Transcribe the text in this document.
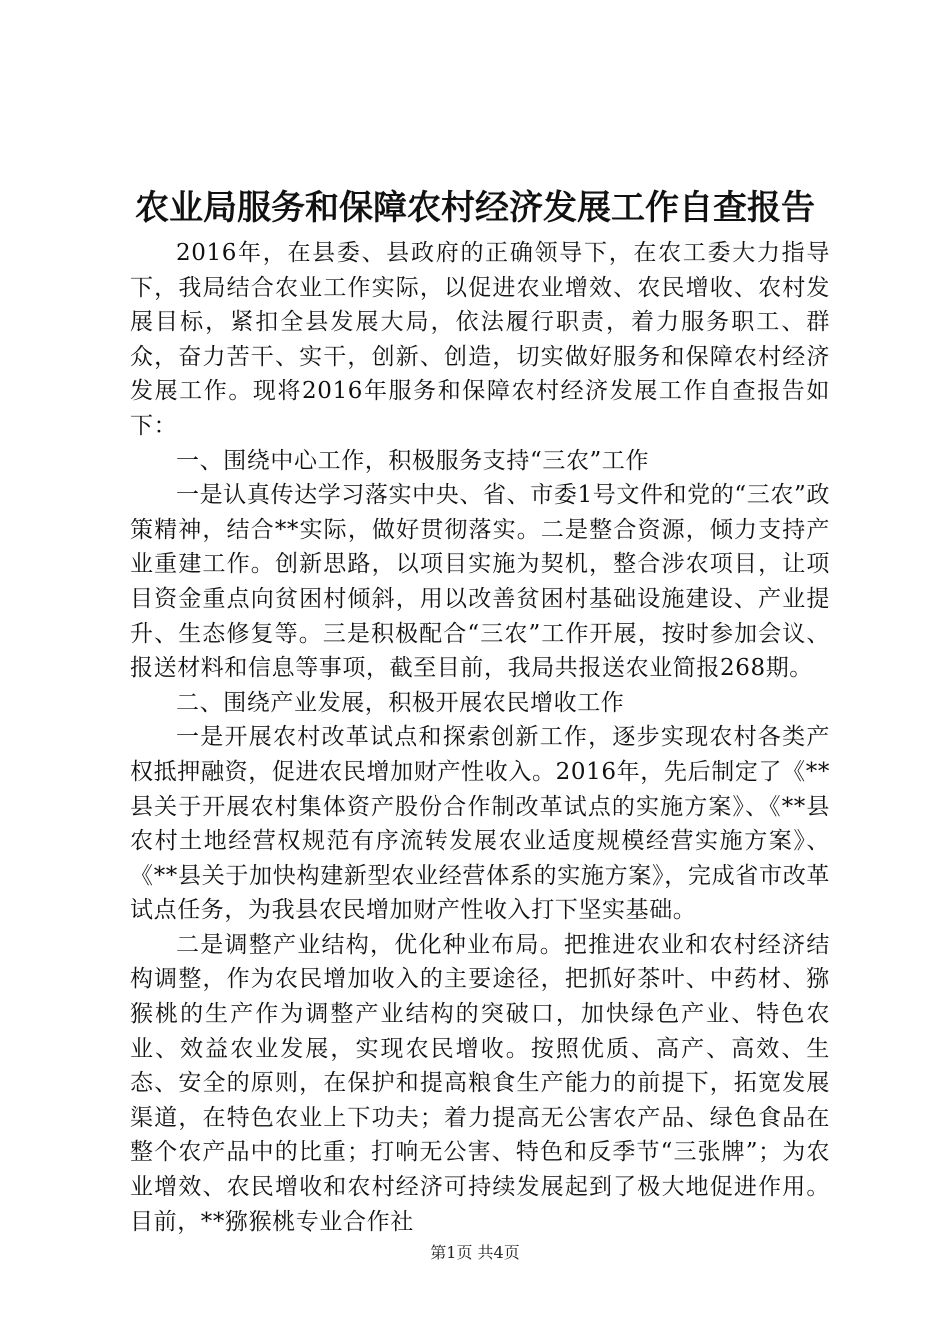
农业局服务和保障农村经济发展工作自查报告

2016年，在县委、县政府的正确领导下，在农工委大力指导下，我局结合农业工作实际，以促进农业增效、农民增收、农村发展目标，紧扣全县发展大局，依法履行职责，着力服务职工、群众，奋力苦干、实干，创新、创造，切实做好服务和保障农村经济发展工作。现将2016年服务和保障农村经济发展工作自查报告如下：

一、围绕中心工作，积极服务支持“三农”工作

一是认真传达学习落实中央、省、市委1号文件和党的“三农”政策精神，结合**实际，做好贯彻落实。二是整合资源，倾力支持产业重建工作。创新思路，以项目实施为契机，整合涉农项目，让项目资金重点向贫困村倾斜，用以改善贫困村基础设施建设、产业提升、生态修复等。三是积极配合“三农”工作开展，按时参加会议、报送材料和信息等事项，截至目前，我局共报送农业简报268期。

二、围绕产业发展，积极开展农民增收工作

一是开展农村改革试点和探索创新工作，逐步实现农村各类产权抵押融资，促进农民增加财产性收入。2016年，先后制定了《**县关于开展农村集体资产股份合作制改革试点的实施方案》、《**县农村土地经营权规范有序流转发展农业适度规模经营实施方案》、《**县关于加快构建新型农业经营体系的实施方案》，完成省市改革试点任务，为我县农民增加财产性收入打下坚实基础。

二是调整产业结构，优化种业布局。把推进农业和农村经济结构调整，作为农民增加收入的主要途径，把抓好茶叶、中药材、猕猴桃的生产作为调整产业结构的突破口，加快绿色产业、特色农业、效益农业发展，实现农民增收。按照优质、高产、高效、生态、安全的原则，在保护和提高粮食生产能力的前提下，拓宽发展渠道，在特色农业上下功夫；着力提高无公害农产品、绿色食品在整个农产品中的比重；打响无公害、特色和反季节“三张牌”；为农业增效、农民增收和农村经济可持续发展起到了极大地促进作用。目前，**猕猴桃专业合作社

第1页 共4页
